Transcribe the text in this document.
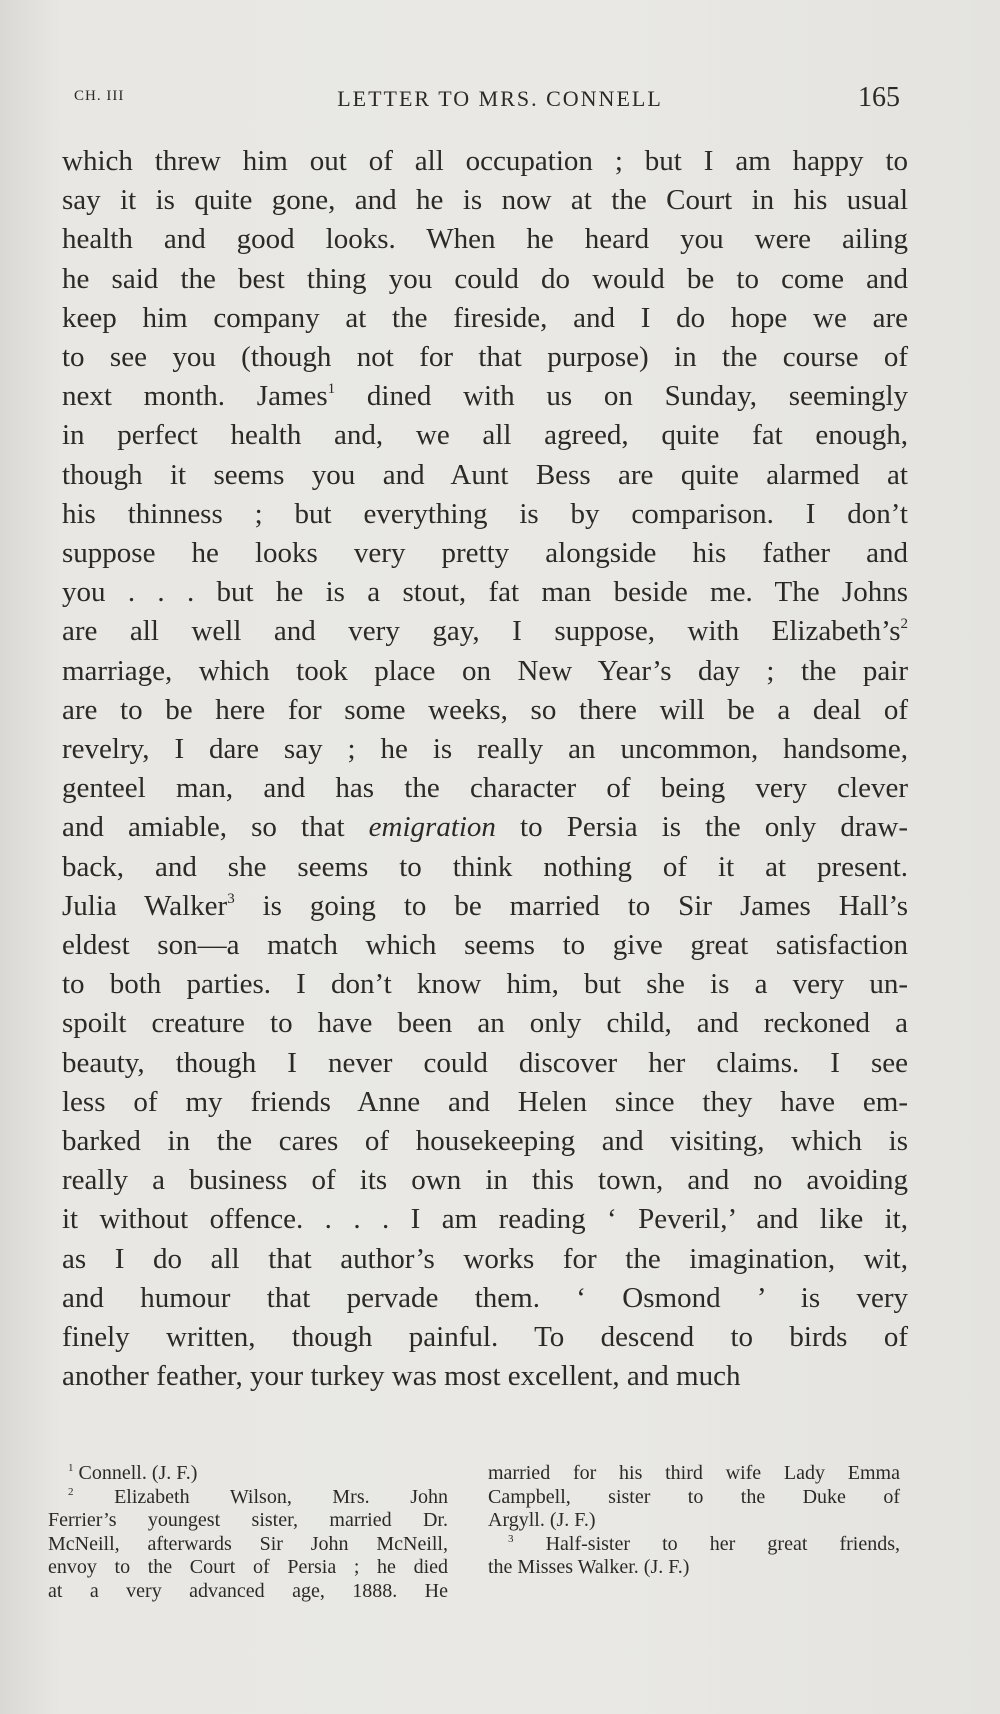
CH. III	LETTER TO MRS. CONNELL	165
which threw him out of all occupation ; but I am happy to
say it is quite gone, and he is now at the Court in his usual
health and good looks. When he heard you were ailing
he said the best thing you could do would be to come and
keep him company at the fireside, and I do hope we are
to see you (though not for that purpose) in the course of
next month. James$^1$ dined with us on Sunday, seemingly
in perfect health and, we all agreed, quite fat enough,
though it seems you and Aunt Bess are quite alarmed at
his thinness ; but everything is by comparison. I don’t
suppose he looks very pretty alongside his father and
you . . . but he is a stout, fat man beside me. The Johns
are all well and very gay, I suppose, with Elizabeth’s$^2$
marriage, which took place on New Year’s day ; the pair
are to be here for some weeks, so there will be a deal of
revelry, I dare say ; he is really an uncommon, handsome,
genteel man, and has the character of being very clever
and amiable, so that emigration to Persia is the only draw-
back, and she seems to think nothing of it at present.
Julia Walker$^3$ is going to be married to Sir James Hall’s
eldest son—a match which seems to give great satisfaction
to both parties. I don’t know him, but she is a very un-
spoilt creature to have been an only child, and reckoned a
beauty, though I never could discover her claims. I see
less of my friends Anne and Helen since they have em-
barked in the cares of housekeeping and visiting, which is
really a business of its own in this town, and no avoiding
it without offence. . . . I am reading ‘ Peveril,’ and like it,
as I do all that author’s works for the imagination, wit,
and humour that pervade them. ‘ Osmond ’ is very
finely written, though painful. To descend to birds of
another feather, your turkey was most excellent, and much
$^1$ Connell. (J. F.)
$^2$ Elizabeth Wilson, Mrs. John
Ferrier’s youngest sister, married Dr.
McNeill, afterwards Sir John McNeill,
envoy to the Court of Persia ; he died
at a very advanced age, 1888. He
married for his third wife Lady Emma
Campbell, sister to the Duke of
Argyll. (J. F.)
$^3$ Half-sister to her great friends,
the Misses Walker. (J. F.)
